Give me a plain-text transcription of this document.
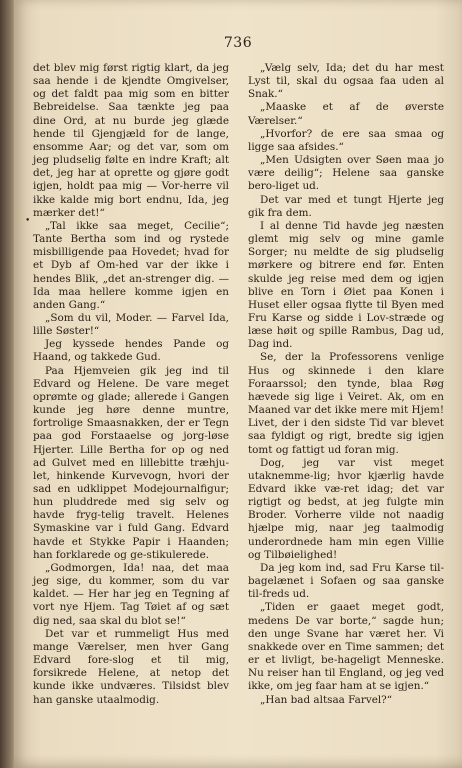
736
•

det blev mig først rigtig klart, da jeg saa hende i de kjendte Omgivelser, og det faldt paa mig som en bitter Bebreidelse. Saa tænkte jeg paa dine Ord, at nu burde jeg glæde hende til Gjengjæld for de lange, ensomme Aar; og det var, som om jeg pludselig følte en indre Kraft; alt det, jeg har at oprette og gjøre godt igjen, holdt paa mig — Vor-herre vil ikke kalde mig bort endnu, Ida, jeg mærker det!“

„Tal ikke saa meget, Cecilie“; Tante Bertha som ind og rystede misbilligende paa Hovedet; hvad for et Dyb af Om-hed var der ikke i hendes Blik, „det an-strenger dig. — Ida maa hellere komme igjen en anden Gang.“

„Som du vil, Moder. — Farvel Ida, lille Søster!“

Jeg kyssede hendes Pande og Haand, og takkede Gud.

Paa Hjemveien gik jeg ind til Edvard og Helene. De vare meget oprømte og glade; allerede i Gangen kunde jeg høre denne muntre, fortrolige Smaasnakken, der er Tegn paa god Forstaaelse og jorg-løse Hjerter. Lille Bertha for op og ned ad Gulvet med en lillebitte træhju-let, hinkende Kurvevogn, hvori der sad en udklippet Modejournalfigur; hun pluddrede med sig selv og havde fryg-telig travelt. Helenes Symaskine var i fuld Gang. Edvard havde et Stykke Papir i Haanden; han forklarede og ge-stikulerede.

„Godmorgen, Ida! naa, det maa jeg sige, du kommer, som du var kaldet. — Her har jeg en Tegning af vort nye Hjem. Tag Tøiet af og sæt dig ned, saa skal du blot se!“

Det var et rummeligt Hus med mange Værelser, men hver Gang Edvard fore-slog et til mig, forsikrede Helene, at netop det kunde ikke undværes. Tilsidst blev han ganske utaalmodig.

„Vælg selv, Ida; det du har mest Lyst til, skal du ogsaa faa uden al Snak.“

„Maaske et af de øverste Værelser.“

„Hvorfor? de ere saa smaa og ligge saa afsides.“

„Men Udsigten over Søen maa jo være deilig“; Helene saa ganske bero-liget ud.

Det var med et tungt Hjerte jeg gik fra dem.

I al denne Tid havde jeg næsten glemt mig selv og mine gamle Sorger; nu meldte de sig pludselig mørkere og bitrere end før. Enten skulde jeg reise med dem og igjen blive en Torn i Øiet paa Konen i Huset eller ogsaa flytte til Byen med Fru Karse og sidde i Lov-stræde og læse høit og spille Rambus, Dag ud, Dag ind.

Se, der la Professorens venlige Hus og skinnede i den klare Foraarssol; den tynde, blaa Røg hævede sig lige i Veiret. Ak, om en Maaned var det ikke mere mit Hjem! Livet, der i den sidste Tid var blevet saa fyldigt og rigt, bredte sig igjen tomt og fattigt ud foran mig.

Dog, jeg var vist meget utaknemme-lig; hvor kjærlig havde Edvard ikke væ-ret idag; det var rigtigt og bedst, at jeg fulgte min Broder. Vorherre vilde not naadig hjælpe mig, naar jeg taalmodig underordnede ham min egen Villie og Tilbøielighed!

Da jeg kom ind, sad Fru Karse til-bagelænet i Sofaen og saa ganske til-freds ud.

„Tiden er gaaet meget godt, medens De var borte,“ sagde hun; den unge Svane har været her. Vi snakkede over en Time sammen; det er et livligt, be-hageligt Menneske. Nu reiser han til England, og jeg ved ikke, om jeg faar ham at se igjen.“

„Han bad altsaa Farvel?“
